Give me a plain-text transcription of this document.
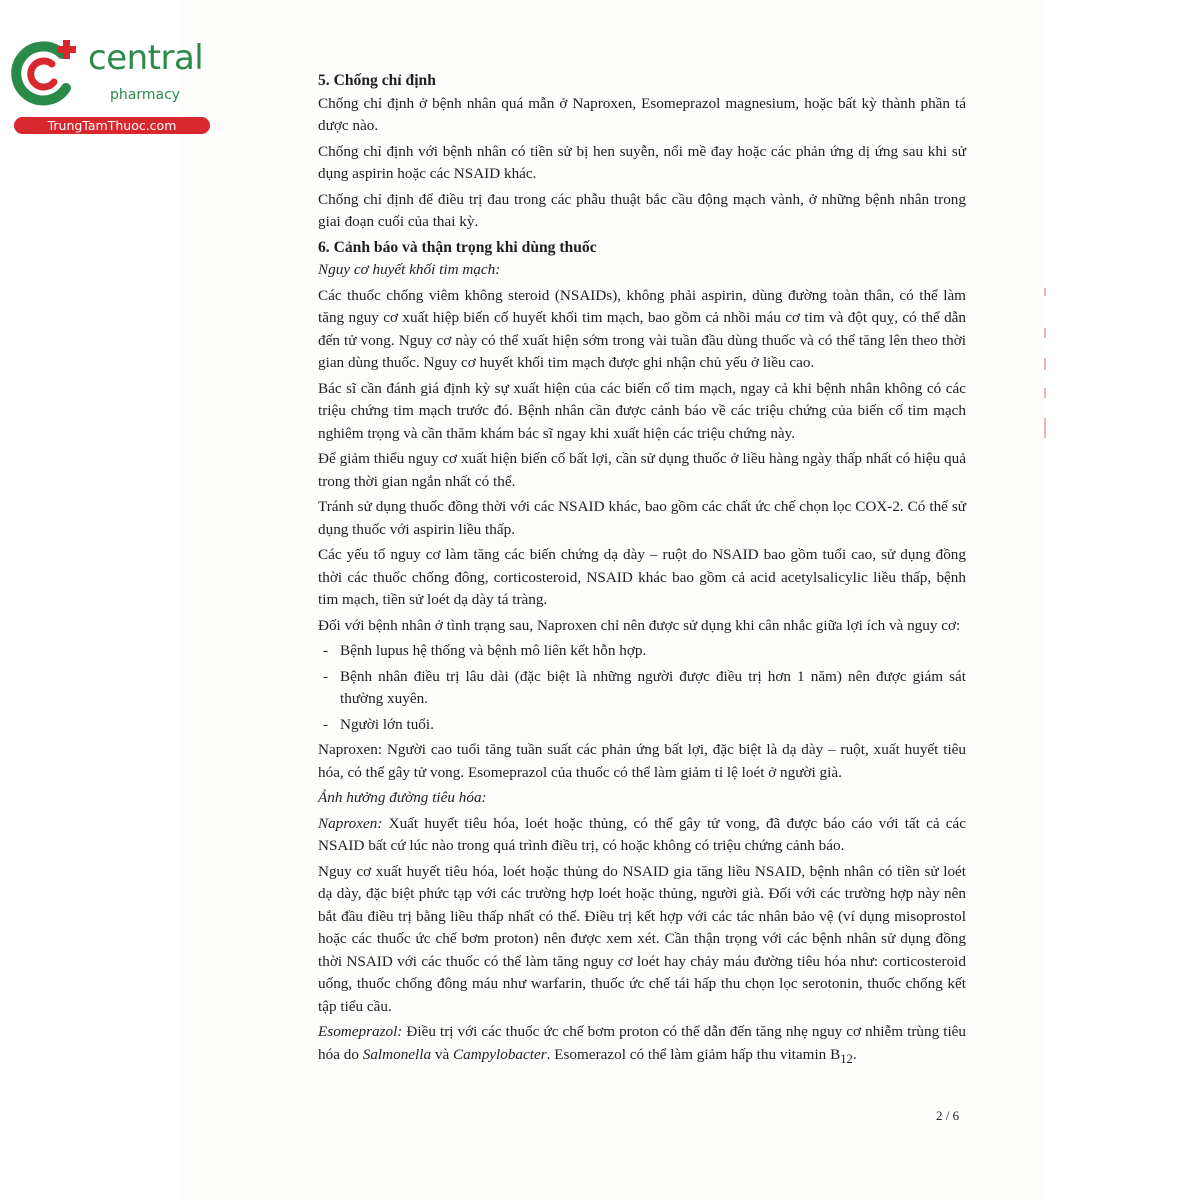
central
pharmacy
TrungTamThuoc.com
5. Chống chỉ định

Chống chỉ định ở bệnh nhân quá mẫn ở Naproxen, Esomeprazol magnesium, hoặc bất kỳ thành phần tá dược nào.

Chống chỉ định với bệnh nhân có tiền sử bị hen suyễn, nổi mề đay hoặc các phản ứng dị ứng sau khi sử dụng aspirin hoặc các NSAID khác.

Chống chỉ định để điều trị đau trong các phẫu thuật bắc cầu động mạch vành, ở những bệnh nhân trong giai đoạn cuối của thai kỳ.

6. Cảnh báo và thận trọng khi dùng thuốc
Nguy cơ huyết khối tim mạch:

Các thuốc chống viêm không steroid (NSAIDs), không phải aspirin, dùng đường toàn thân, có thể làm tăng nguy cơ xuất hiệp biến cố huyết khối tim mạch, bao gồm cả nhồi máu cơ tim và đột quỵ, có thể dẫn đến tử vong. Nguy cơ này có thể xuất hiện sớm trong vài tuần đầu dùng thuốc và có thể tăng lên theo thời gian dùng thuốc. Nguy cơ huyết khối tim mạch được ghi nhận chủ yếu ở liều cao.

Bác sĩ cần đánh giá định kỳ sự xuất hiện của các biến cố tim mạch, ngay cả khi bệnh nhân không có các triệu chứng tim mạch trước đó. Bệnh nhân cần được cảnh báo về các triệu chứng của biến cố tim mạch nghiêm trọng và cần thăm khám bác sĩ ngay khi xuất hiện các triệu chứng này.

Để giảm thiểu nguy cơ xuất hiện biến cố bất lợi, cần sử dụng thuốc ở liều hàng ngày thấp nhất có hiệu quả trong thời gian ngắn nhất có thể.

Tránh sử dụng thuốc đồng thời với các NSAID khác, bao gồm các chất ức chế chọn lọc COX-2. Có thể sử dụng thuốc với aspirin liều thấp.

Các yếu tố nguy cơ làm tăng các biến chứng dạ dày – ruột do NSAID bao gồm tuổi cao, sử dụng đồng thời các thuốc chống đông, corticosteroid, NSAID khác bao gồm cả acid acetylsalicylic liều thấp, bệnh tim mạch, tiền sử loét dạ dày tá tràng.

Đối với bệnh nhân ở tình trạng sau, Naproxen chỉ nên được sử dụng khi cân nhắc giữa lợi ích và nguy cơ:

- Bệnh lupus hệ thống và bệnh mô liên kết hỗn hợp.
- Bệnh nhân điều trị lâu dài (đặc biệt là những người được điều trị hơn 1 năm) nên được giám sát thường xuyên.
- Người lớn tuổi.

Naproxen: Người cao tuổi tăng tuần suất các phản ứng bất lợi, đặc biệt là dạ dày – ruột, xuất huyết tiêu hóa, có thể gây tử vong. Esomeprazol của thuốc có thể làm giảm tỉ lệ loét ở người già.

Ảnh hưởng đường tiêu hóa:

Naproxen: Xuất huyết tiêu hóa, loét hoặc thủng, có thể gây tử vong, đã được báo cáo với tất cả các NSAID bất cứ lúc nào trong quá trình điều trị, có hoặc không có triệu chứng cảnh báo.

Nguy cơ xuất huyết tiêu hóa, loét hoặc thủng do NSAID gia tăng liều NSAID, bệnh nhân có tiền sử loét dạ dày, đặc biệt phức tạp với các trường hợp loét hoặc thủng, người già. Đối với các trường hợp này nên bắt đầu điều trị bằng liều thấp nhất có thể. Điều trị kết hợp với các tác nhân bảo vệ (ví dụng misoprostol hoặc các thuốc ức chế bơm proton) nên được xem xét. Cần thận trọng với các bệnh nhân sử dụng đồng thời NSAID với các thuốc có thể làm tăng nguy cơ loét hay chảy máu đường tiêu hóa như: corticosteroid uống, thuốc chống đông máu như warfarin, thuốc ức chế tái hấp thu chọn lọc serotonin, thuốc chống kết tập tiểu cầu.

Esomeprazol: Điều trị với các thuốc ức chế bơm proton có thể dẫn đến tăng nhẹ nguy cơ nhiễm trùng tiêu hóa do Salmonella và Campylobacter. Esomerazol có thể làm giảm hấp thu vitamin $B_{12}$.

2 / 6
